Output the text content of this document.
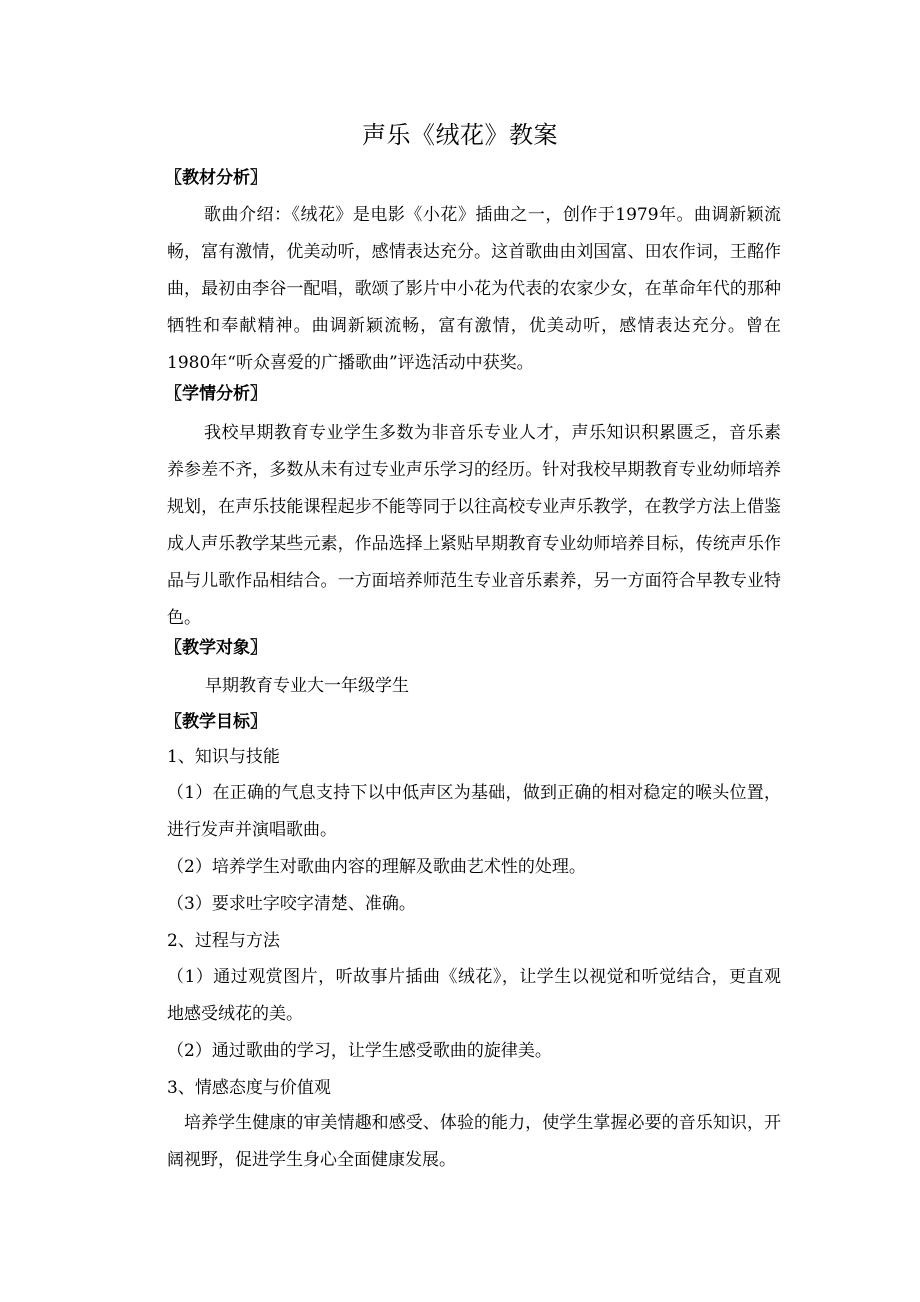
声乐《绒花》教案
〖教材分析〗
歌曲介绍：《绒花》是电影《小花》插曲之一，创作于1979年。曲调新颖流畅，富有激情，优美动听，感情表达充分。这首歌曲由刘国富、田农作词，王酩作曲，最初由李谷一配唱，歌颂了影片中小花为代表的农家少女，在革命年代的那种牺牲和奉献精神。曲调新颖流畅，富有激情，优美动听，感情表达充分。曾在1980年“听众喜爱的广播歌曲”评选活动中获奖。
〖学情分析〗
我校早期教育专业学生多数为非音乐专业人才，声乐知识积累匮乏，音乐素养参差不齐，多数从未有过专业声乐学习的经历。针对我校早期教育专业幼师培养规划，在声乐技能课程起步不能等同于以往高校专业声乐教学，在教学方法上借鉴成人声乐教学某些元素，作品选择上紧贴早期教育专业幼师培养目标，传统声乐作品与儿歌作品相结合。一方面培养师范生专业音乐素养，另一方面符合早教专业特色。
〖教学对象〗
早期教育专业大一年级学生
〖教学目标〗
1、知识与技能
（1）在正确的气息支持下以中低声区为基础，做到正确的相对稳定的喉头位置，进行发声并演唱歌曲。
（2）培养学生对歌曲内容的理解及歌曲艺术性的处理。
（3）要求吐字咬字清楚、准确。
2、过程与方法
（1）通过观赏图片，听故事片插曲《绒花》，让学生以视觉和听觉结合，更直观地感受绒花的美。
（2）通过歌曲的学习，让学生感受歌曲的旋律美。
3、情感态度与价值观
培养学生健康的审美情趣和感受、体验的能力，使学生掌握必要的音乐知识，开阔视野，促进学生身心全面健康发展。
